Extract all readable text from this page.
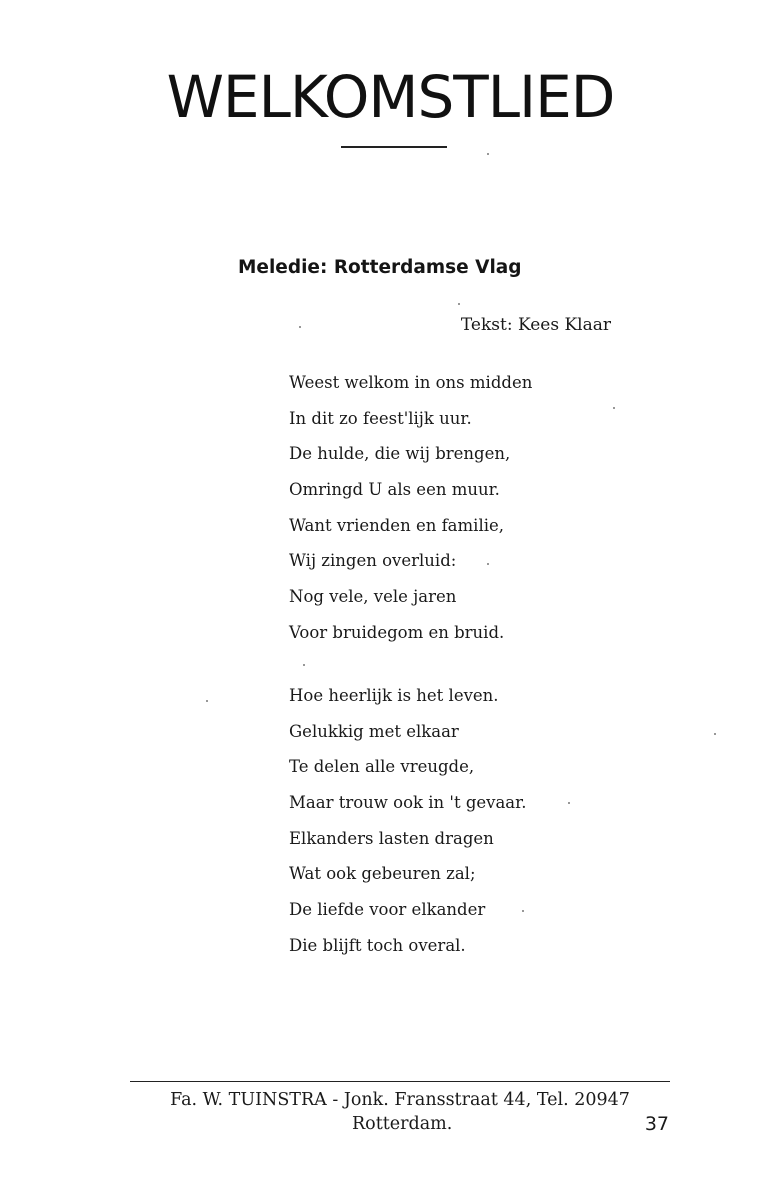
WELKOMSTLIED
Meledie: Rotterdamse Vlag
Tekst: Kees Klaar
Weest welkom in ons midden
In dit zo feest'lijk uur.
De hulde, die wij brengen,
Omringd U als een muur.
Want vrienden en familie,
Wij zingen overluid:
Nog vele, vele jaren
Voor bruidegom en bruid.
Hoe heerlijk is het leven.
Gelukkig met elkaar
Te delen alle vreugde,
Maar trouw ook in 't gevaar.
Elkanders lasten dragen
Wat ook gebeuren zal;
De liefde voor elkander
Die blijft toch overal.
Fa. W. TUINSTRA - Jonk. Fransstraat 44, Tel. 20947
Rotterdam.	37
